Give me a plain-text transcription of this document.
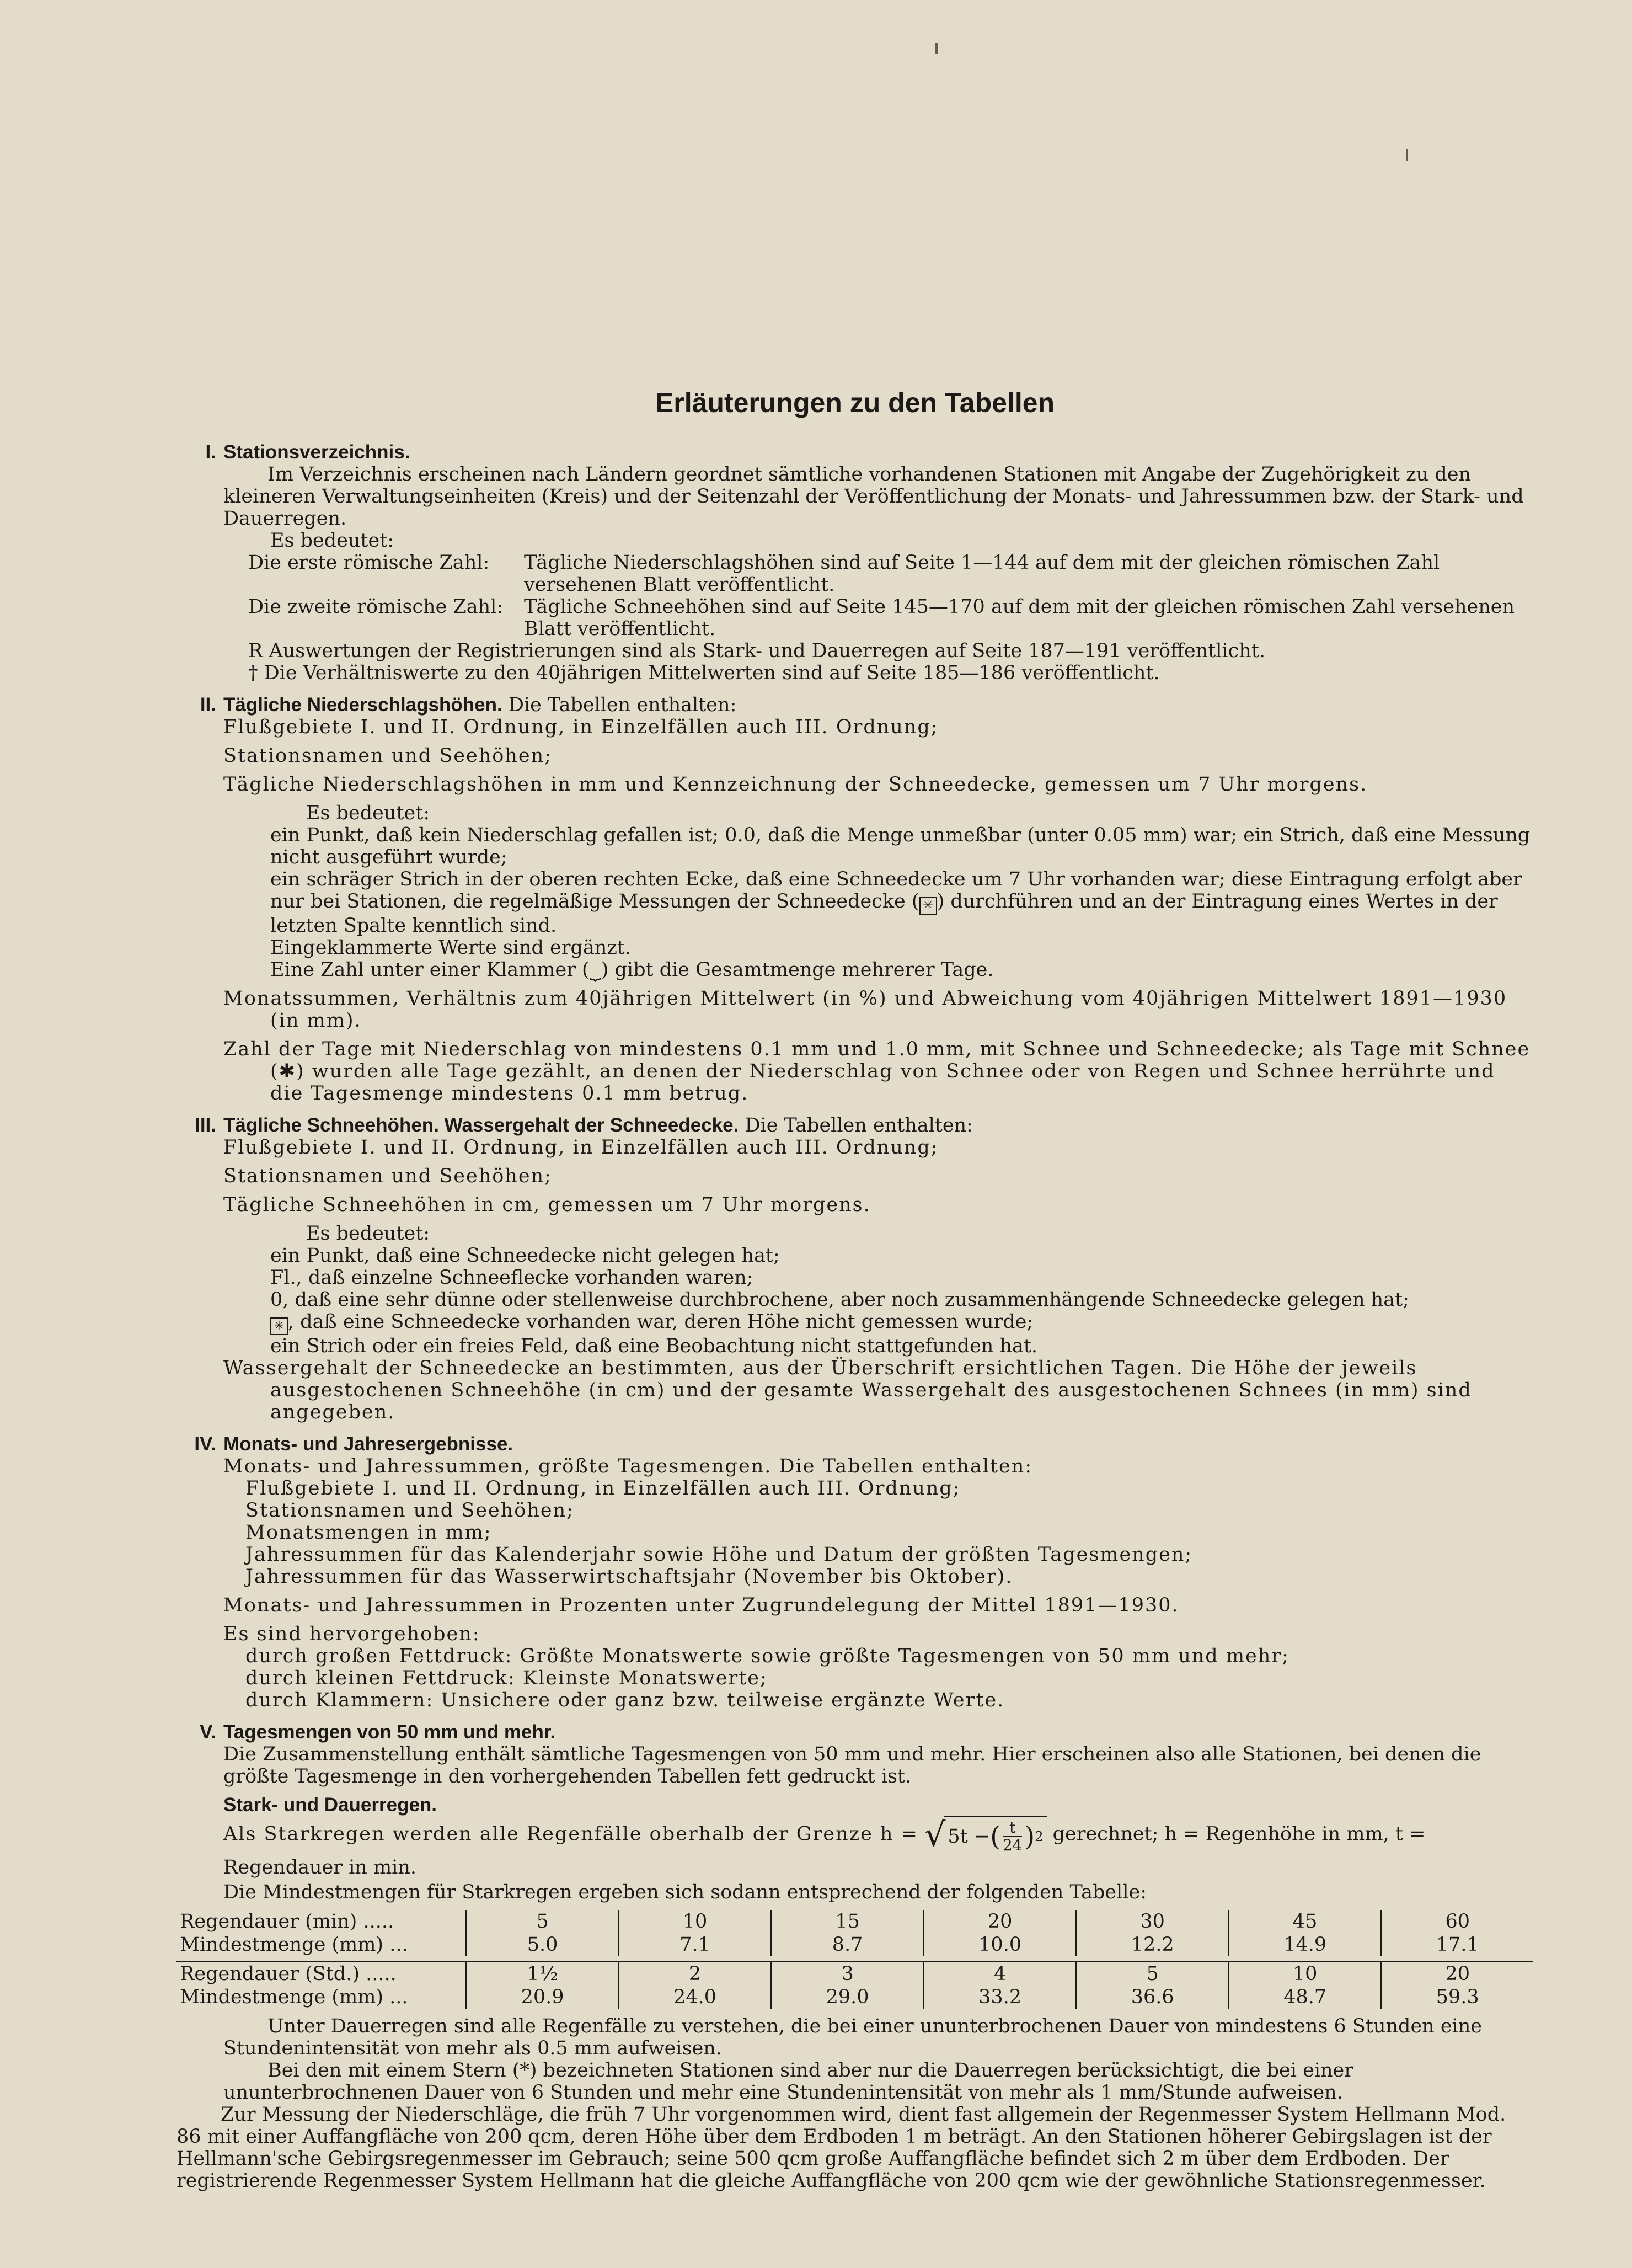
Erläuterungen zu den Tabellen
I. Stationsverzeichnis.
Im Verzeichnis erscheinen nach Ländern geordnet sämtliche vorhandenen Stationen mit Angabe der Zugehörigkeit zu den kleineren Verwaltungseinheiten (Kreis) und der Seitenzahl der Veröffentlichung der Monats- und Jahressummen bzw. der Stark- und Dauerregen.
Es bedeutet:
Die erste römische Zahl:	Tägliche Niederschlagshöhen sind auf Seite 1—144 auf dem mit der gleichen römischen Zahl versehenen Blatt veröffentlicht.
Die zweite römische Zahl:	Tägliche Schneehöhen sind auf Seite 145—170 auf dem mit der gleichen römischen Zahl versehenen Blatt veröffentlicht.
R Auswertungen der Registrierungen sind als Stark- und Dauerregen auf Seite 187—191 veröffentlicht.
† Die Verhältniswerte zu den 40jährigen Mittelwerten sind auf Seite 185—186 veröffentlicht.
II. Tägliche Niederschlagshöhen. Die Tabellen enthalten:
Flußgebiete I. und II. Ordnung, in Einzelfällen auch III. Ordnung;
Stationsnamen und Seehöhen;
Tägliche Niederschlagshöhen in mm und Kennzeichnung der Schneedecke, gemessen um 7 Uhr morgens.
Es bedeutet:
ein Punkt, daß kein Niederschlag gefallen ist; 0.0, daß die Menge unmeßbar (unter 0.05 mm) war; ein Strich, daß eine Messung nicht ausgeführt wurde;
ein schräger Strich in der oberen rechten Ecke, daß eine Schneedecke um 7 Uhr vorhanden war; diese Eintragung erfolgt aber nur bei Stationen, die regelmäßige Messungen der Schneedecke ( ✳ ) durchführen und an der Eintragung eines Wertes in der letzten Spalte kenntlich sind.
Eingeklammerte Werte sind ergänzt.
Eine Zahl unter einer Klammer (⏟) gibt die Gesamtmenge mehrerer Tage.
Monatssummen, Verhältnis zum 40jährigen Mittelwert (in %) und Abweichung vom 40jährigen Mittelwert 1891—1930 (in mm).
Zahl der Tage mit Niederschlag von mindestens 0.1 mm und 1.0 mm, mit Schnee und Schneedecke; als Tage mit Schnee (✱) wurden alle Tage gezählt, an denen der Niederschlag von Schnee oder von Regen und Schnee herrührte und die Tagesmenge mindestens 0.1 mm betrug.
III. Tägliche Schneehöhen. Wassergehalt der Schneedecke. Die Tabellen enthalten:
Flußgebiete I. und II. Ordnung, in Einzelfällen auch III. Ordnung;
Stationsnamen und Seehöhen;
Tägliche Schneehöhen in cm, gemessen um 7 Uhr morgens.
Es bedeutet:
ein Punkt, daß eine Schneedecke nicht gelegen hat;
Fl., daß einzelne Schneeflecke vorhanden waren;
0, daß eine sehr dünne oder stellenweise durchbrochene, aber noch zusammenhängende Schneedecke gelegen hat;
✳ , daß eine Schneedecke vorhanden war, deren Höhe nicht gemessen wurde;
ein Strich oder ein freies Feld, daß eine Beobachtung nicht stattgefunden hat.
Wassergehalt der Schneedecke an bestimmten, aus der Überschrift ersichtlichen Tagen. Die Höhe der jeweils ausgestochenen Schneehöhe (in cm) und der gesamte Wassergehalt des ausgestochenen Schnees (in mm) sind angegeben.
IV. Monats- und Jahresergebnisse.
Monats- und Jahressummen, größte Tagesmengen. Die Tabellen enthalten:
Flußgebiete I. und II. Ordnung, in Einzelfällen auch III. Ordnung;
Stationsnamen und Seehöhen;
Monatsmengen in mm;
Jahressummen für das Kalenderjahr sowie Höhe und Datum der größten Tagesmengen;
Jahressummen für das Wasserwirtschaftsjahr (November bis Oktober).
Monats- und Jahressummen in Prozenten unter Zugrundelegung der Mittel 1891—1930.
Es sind hervorgehoben:
durch großen Fettdruck: Größte Monatswerte sowie größte Tagesmengen von 50 mm und mehr;
durch kleinen Fettdruck: Kleinste Monatswerte;
durch Klammern: Unsichere oder ganz bzw. teilweise ergänzte Werte.
V. Tagesmengen von 50 mm und mehr.
Die Zusammenstellung enthält sämtliche Tagesmengen von 50 mm und mehr. Hier erscheinen also alle Stationen, bei denen die größte Tagesmenge in den vorhergehenden Tabellen fett gedruckt ist.
Stark- und Dauerregen.
Als Starkregen werden alle Regenfälle oberhalb der Grenze h = √ 5t − ( $\frac{t}{24}$ ) 2 gerechnet; h = Regenhöhe in mm, t = Regendauer in min.
Die Mindestmengen für Starkregen ergeben sich sodann entsprechend der folgenden Tabelle:
Regendauer (min) .....	5	10	15	20	30	45	60
Mindestmenge (mm) ...	5.0	7.1	8.7	10.0	12.2	14.9	17.1

Regendauer (Std.) .....	1½	2	3	4	5	10	20
Mindestmenge (mm) ...	20.9	24.0	29.0	33.2	36.6	48.7	59.3
Unter Dauerregen sind alle Regenfälle zu verstehen, die bei einer ununterbrochenen Dauer von mindestens 6 Stunden eine Stundenintensität von mehr als 0.5 mm aufweisen.
Bei den mit einem Stern (*) bezeichneten Stationen sind aber nur die Dauerregen berücksichtigt, die bei einer ununterbrochnenen Dauer von 6 Stunden und mehr eine Stundenintensität von mehr als 1 mm/Stunde aufweisen.
Zur Messung der Niederschläge, die früh 7 Uhr vorgenommen wird, dient fast allgemein der Regenmesser System Hellmann Mod. 86 mit einer Auffangfläche von 200 qcm, deren Höhe über dem Erdboden 1 m beträgt. An den Stationen höherer Gebirgslagen ist der Hellmann'sche Gebirgsregenmesser im Gebrauch; seine 500 qcm große Auffangfläche befindet sich 2 m über dem Erdboden. Der registrierende Regenmesser System Hellmann hat die gleiche Auffangfläche von 200 qcm wie der gewöhnliche Stationsregenmesser.
